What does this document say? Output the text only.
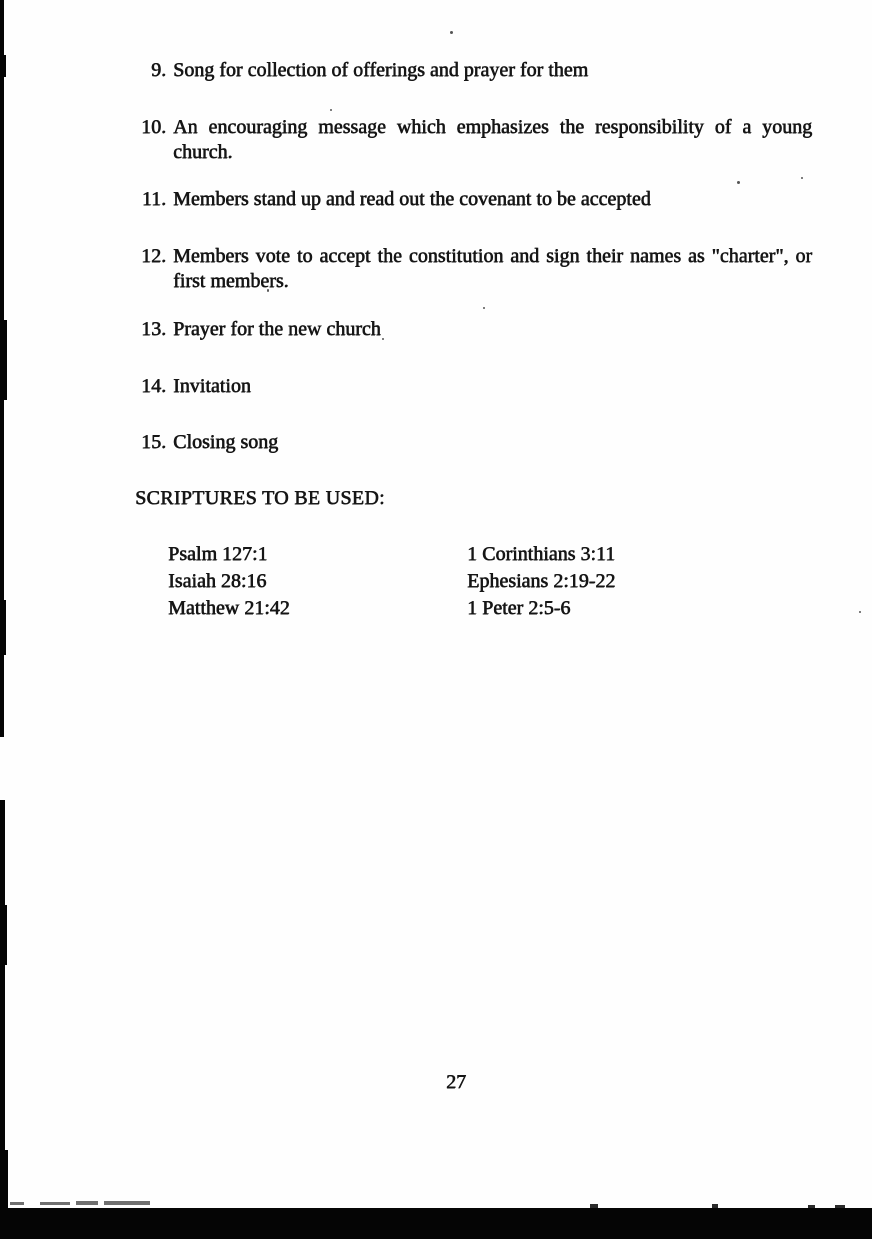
9. Song for collection of offerings and prayer for them
10. An encouraging message which emphasizes the responsibility of a young church.
11. Members stand up and read out the covenant to be accepted
12. Members vote to accept the constitution and sign their names as "charter", or first members.
13. Prayer for the new church
14. Invitation
15. Closing song
SCRIPTURES TO BE USED:
Psalm 127:1
Isaiah 28:16
Matthew 21:42
1 Corinthians 3:11
Ephesians 2:19-22
1 Peter 2:5-6
27
